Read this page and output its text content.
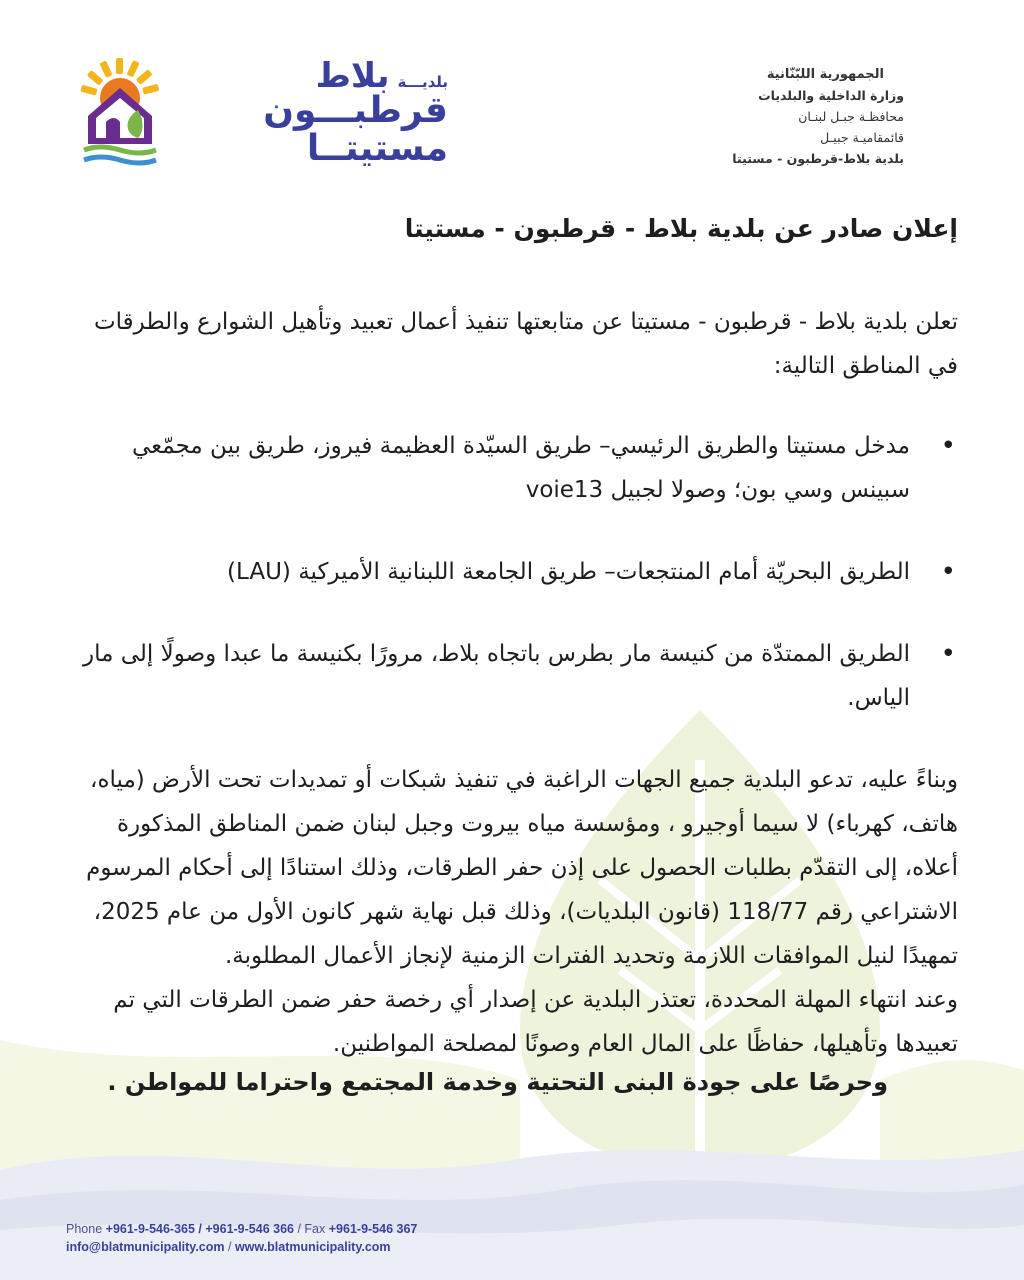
بلديـــةبلاط
قرطبـــون
مستيتــا
الجمهورية اللبّنّانية
وزارة الداخلية والبلديات
محافظـة جبـل لبنـان
قائمقاميـة جبيـل
بلدية بلاط-قرطبون - مستيتا
إعلان صادر عن بلدية بلاط - قرطبون - مستيتا

تعلن بلدية بلاط - قرطبون - مستيتا عن متابعتها تنفيذ أعمال تعبيد وتأهيل الشوارع والطرقات في المناطق التالية:

•
مدخل مستيتا والطريق الرئيسي– طريق السيّدة العظيمة فيروز، طريق بين مجمّعي سبينس وسي بون؛ وصولا لجبيل voie13
•
الطريق البحريّة أمام المنتجعات– طريق الجامعة اللبنانية الأميركية (LAU)
•
الطريق الممتدّة من كنيسة مار بطرس باتجاه بلاط، مرورًا بكنيسة ما عبدا وصولًا إلى مار الياس.

وبناءً عليه، تدعو البلدية جميع الجهات الراغبة في تنفيذ شبكات أو تمديدات تحت الأرض (مياه، هاتف، كهرباء) لا سيما أوجيرو ، ومؤسسة مياه بيروت وجبل لبنان ضمن المناطق المذكورة أعلاه، إلى التقدّم بطلبات الحصول على إذن حفر الطرقات، وذلك استنادًا إلى أحكام المرسوم الاشتراعي رقم 118/77 (قانون البلديات)، وذلك قبل نهاية شهر كانون الأول من عام 2025، تمهيدًا لنيل الموافقات اللازمة وتحديد الفترات الزمنية لإنجاز الأعمال المطلوبة.

وعند انتهاء المهلة المحددة، تعتذر البلدية عن إصدار أي رخصة حفر ضمن الطرقات التي تم تعبيدها وتأهيلها، حفاظًا على المال العام وصونًا لمصلحة المواطنين.

وحرصًا على جودة البنى التحتية وخدمة المجتمع واحتراما للمواطن .
Phone +961-9-546-365 / +961-9-546 366 / Fax +961-9-546 367
info@blatmunicipality.com / www.blatmunicipality.com
